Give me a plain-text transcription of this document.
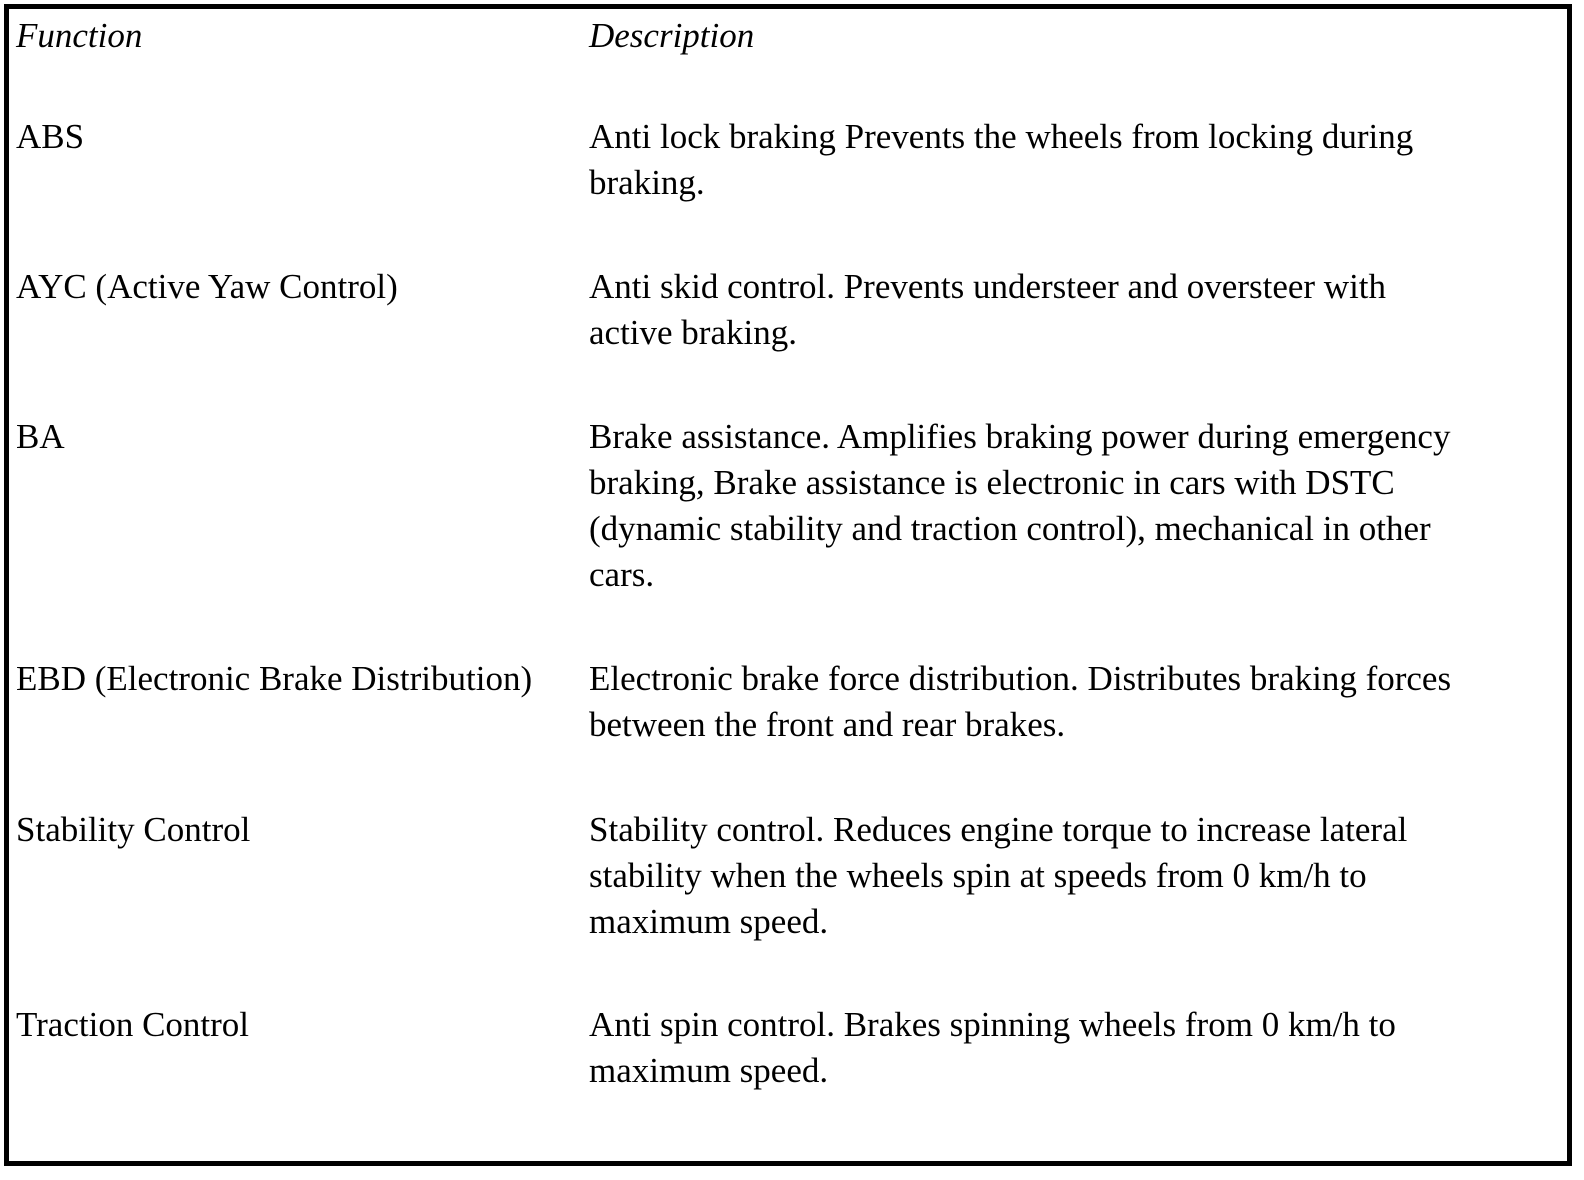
Function	Description
ABS	Anti lock braking Prevents the wheels from locking during
braking.
AYC (Active Yaw Control)	Anti skid control. Prevents understeer and oversteer with
active braking.
BA	Brake assistance. Amplifies braking power during emergency
braking, Brake assistance is electronic in cars with DSTC
(dynamic stability and traction control), mechanical in other
cars.
EBD (Electronic Brake Distribution) Electronic brake force distribution. Distributes braking forces
between the front and rear brakes.
Stability Control	Stability control. Reduces engine torque to increase lateral
stability when the wheels spin at speeds from 0 km/h to
maximum speed.
Traction Control	Anti spin control. Brakes spinning wheels from 0 km/h to
maximum speed.
